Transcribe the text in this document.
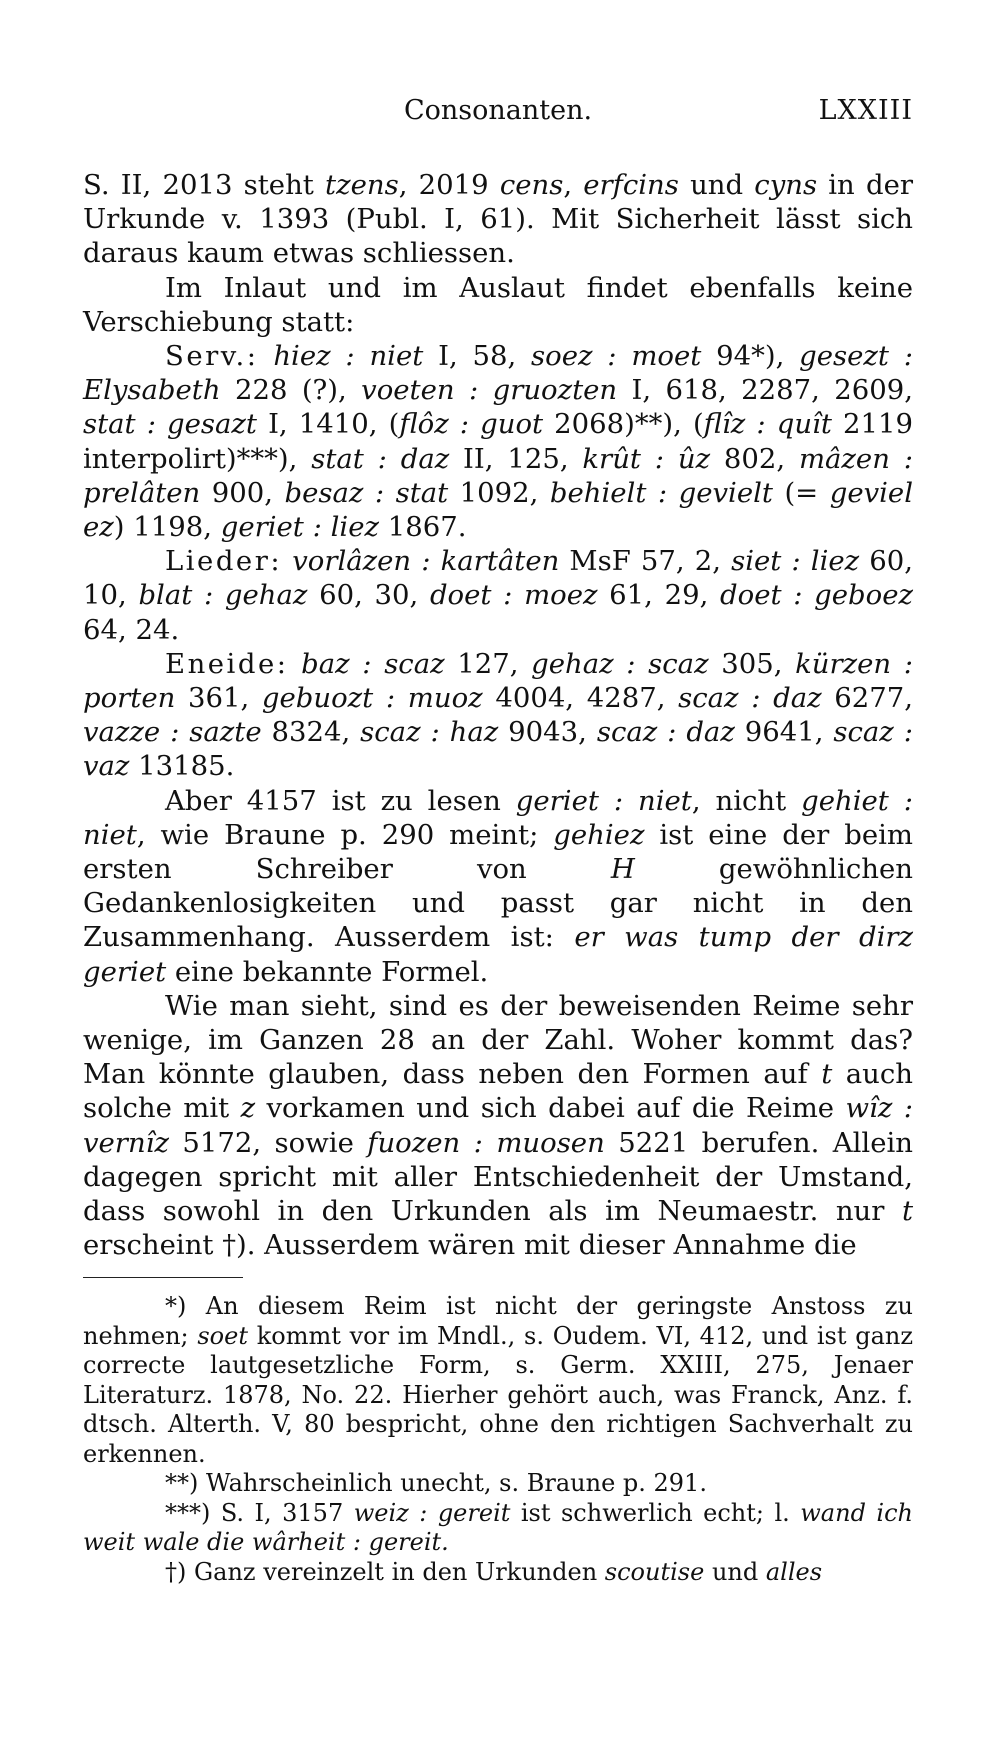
Consonanten.	LXXIII

S. II, 2013 steht tzens, 2019 cens, erfcins und cyns in der Urkunde v. 1393 (Publ. I, 61). Mit Sicherheit lässt sich daraus kaum etwas schliessen.

Im Inlaut und im Auslaut findet ebenfalls keine Verschiebung statt:

Serv.: hiez : niet I, 58, soez : moet 94*), gesezt : Elysabeth 228 (?), voeten : gruozten I, 618, 2287, 2609, stat : gesazt I, 1410, (flôz : guot 2068)**), (flîz : quît 2119 interpolirt)***), stat : daz II, 125, krût : ûz 802, mâzen : prelâten 900, besaz : stat 1092, behielt : gevielt (= geviel ez) 1198, geriet : liez 1867.

Lieder: vorlâzen : kartâten MsF 57, 2, siet : liez 60, 10, blat : gehaz 60, 30, doet : moez 61, 29, doet : geboez 64, 24.

Eneide: baz : scaz 127, gehaz : scaz 305, kürzen : porten 361, gebuozt : muoz 4004, 4287, scaz : daz 6277, vazze : sazte 8324, scaz : haz 9043, scaz : daz 9641, scaz : vaz 13185.

Aber 4157 ist zu lesen geriet : niet, nicht gehiet : niet, wie Braune p. 290 meint; gehiez ist eine der beim ersten Schreiber von H gewöhnlichen Gedankenlosigkeiten und passt gar nicht in den Zusammenhang. Ausserdem ist: er was tump der dirz geriet eine bekannte Formel.

Wie man sieht, sind es der beweisenden Reime sehr wenige, im Ganzen 28 an der Zahl. Woher kommt das? Man könnte glauben, dass neben den Formen auf t auch solche mit z vorkamen und sich dabei auf die Reime wîz : vernîz 5172, sowie fuozen : muosen 5221 berufen. Allein dagegen spricht mit aller Entschiedenheit der Umstand, dass sowohl in den Urkunden als im Neumaestr. nur t erscheint †). Ausserdem wären mit dieser Annahme die

*) An diesem Reim ist nicht der geringste Anstoss zu nehmen; soet kommt vor im Mndl., s. Oudem. VI, 412, und ist ganz correcte lautgesetzliche Form, s. Germ. XXIII, 275, Jenaer Literaturz. 1878, No. 22. Hierher gehört auch, was Franck, Anz. f. dtsch. Alterth. V, 80 bespricht, ohne den richtigen Sachverhalt zu erkennen.

**) Wahrscheinlich unecht, s. Braune p. 291.

***) S. I, 3157 weiz : gereit ist schwerlich echt; l. wand ich weit wale die wârheit : gereit.

†) Ganz vereinzelt in den Urkunden scoutise und alles
